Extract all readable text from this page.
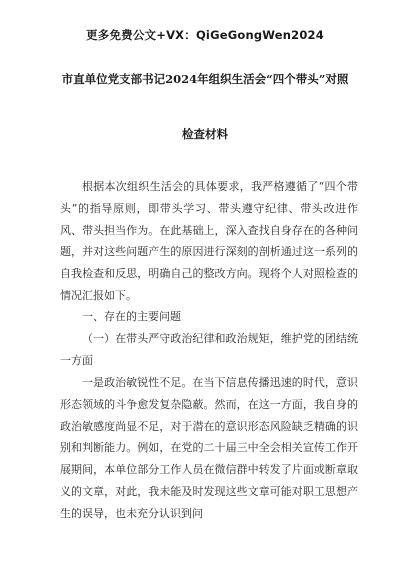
更多免费公文+VX：QiGeGongWen2024
市直单位党支部书记2024年组织生活会“四个带头”对照
检查材料

根据本次组织生活会的具体要求，我严格遵循了“四个带头”的指导原则，即带头学习、带头遵守纪律、带头改进作风、带头担当作为。在此基础上，深入查找自身存在的各种问题，并对这些问题产生的原因进行深刻的剖析通过这一系列的自我检查和反思，明确自己的整改方向。现将个人对照检查的情况汇报如下。

一、存在的主要问题

（一）在带头严守政治纪律和政治规矩，维护党的团结统一方面

一是政治敏锐性不足。在当下信息传播迅速的时代，意识形态领域的斗争愈发复杂隐蔽。然而，在这一方面，我自身的政治敏感度尚显不足，对于潜在的意识形态风险缺乏精确的识别和判断能力。例如，在党的二十届三中全会相关宣传工作开展期间，本单位部分工作人员在微信群中转发了片面或断章取义的文章，对此，我未能及时发现这些文章可能对职工思想产生的误导，也未充分认识到问
